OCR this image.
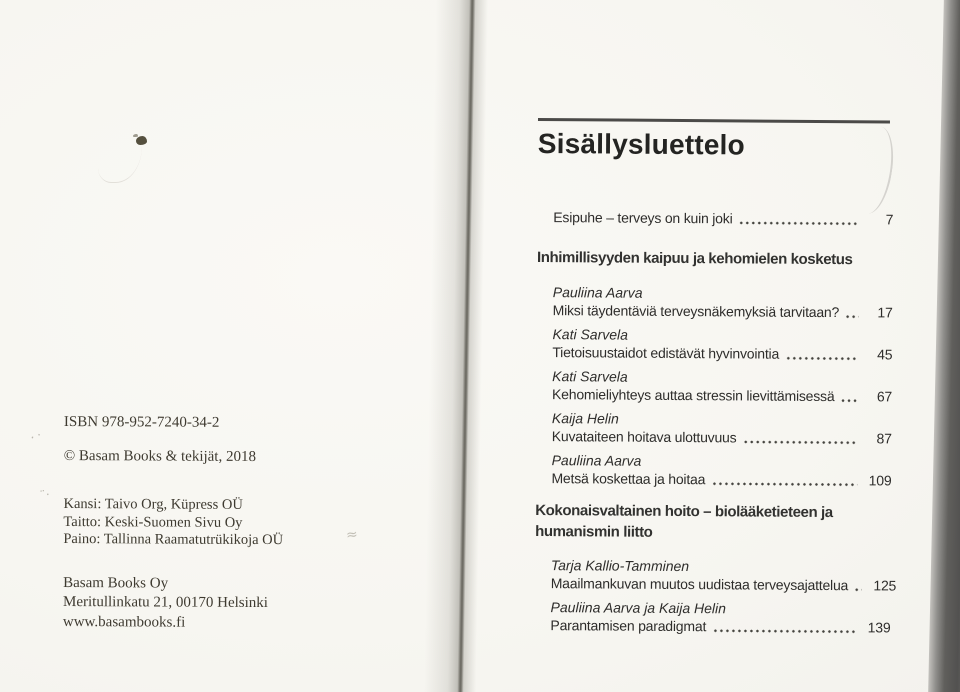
·˙
¨·
≈
ISBN 978-952-7240-34-2
© Basam Books & tekijät, 2018
Kansi: Taivo Org, Küpress OÜ
Taitto: Keski-Suomen Sivu Oy
Paino: Tallinna Raamatutrükikoja OÜ
Basam Books Oy
Meritullinkatu 21, 00170 Helsinki
www.basambooks.fi
Sisällysluettelo
Esipuhe – terveys on kuin joki	7
Inhimillisyyden kaipuu ja kehomielen kosketus
Pauliina Aarva
Miksi täydentäviä terveysnäkemyksiä tarvitaan?	17
Kati Sarvela
Tietoisuustaidot edistävät hyvinvointia	45
Kati Sarvela
Kehomieliyhteys auttaa stressin lievittämisessä	67
Kaija Helin
Kuvataiteen hoitava ulottuvuus	87
Pauliina Aarva
Metsä koskettaa ja hoitaa	109
Kokonaisvaltainen hoito – biolääketieteen ja
humanismin liitto
Tarja Kallio-Tamminen
Maailmankuvan muutos uudistaa terveysajattelua 125
Pauliina Aarva ja Kaija Helin
Parantamisen paradigmat	139
